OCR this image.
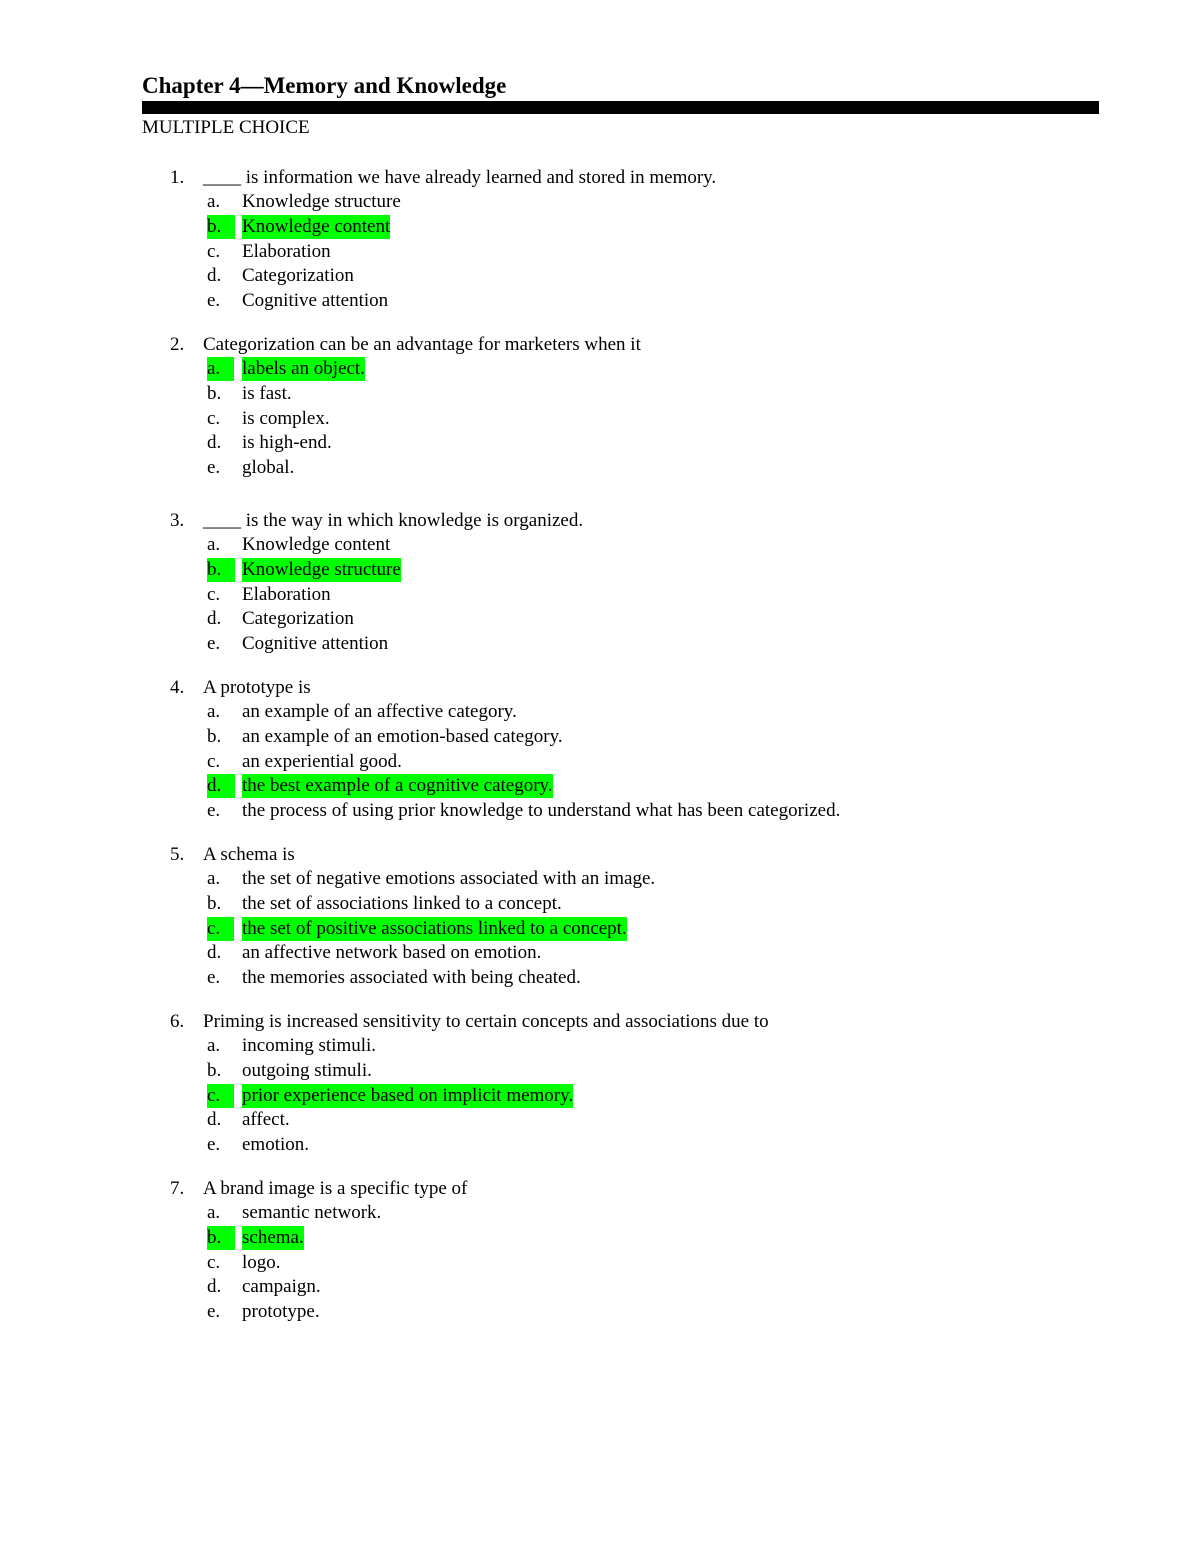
Chapter 4—Memory and Knowledge
MULTIPLE CHOICE
1. ____ is information we have already learned and stored in memory.
a. Knowledge structure
b.	Knowledge content
c. Elaboration
d. Categorization
e. Cognitive attention
2. Categorization can be an advantage for marketers when it
a.	labels an object.
b. is fast.
c. is complex.
d. is high-end.
e. global.
3. ____ is the way in which knowledge is organized.
a. Knowledge content
b.	Knowledge structure
c. Elaboration
d. Categorization
e. Cognitive attention
4. A prototype is
a. an example of an affective category.
b. an example of an emotion-based category.
c. an experiential good.
d.	the best example of a cognitive category.
e. the process of using prior knowledge to understand what has been categorized.
5. A schema is
a. the set of negative emotions associated with an image.
b. the set of associations linked to a concept.
c.	the set of positive associations linked to a concept.
d. an affective network based on emotion.
e. the memories associated with being cheated.
6. Priming is increased sensitivity to certain concepts and associations due to
a. incoming stimuli.
b. outgoing stimuli.
c.	prior experience based on implicit memory.
d. affect.
e. emotion.
7. A brand image is a specific type of
a. semantic network.
b.	schema.
c. logo.
d. campaign.
e. prototype.
